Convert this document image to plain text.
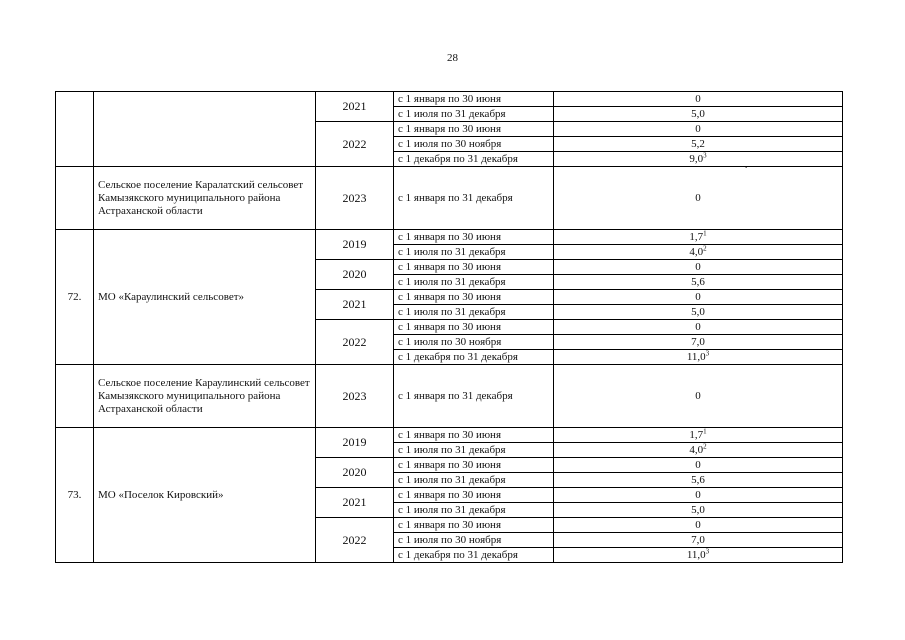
28
		2021	с 1 января по 30 июня	0
			с 1 июля по 31 декабря	5,0
		2022	с 1 января по 30 июня	0
			с 1 июля по 30 ноября	5,2
			с 1 декабря по 31 декабря	$9,0^3$
	Сельское поселение Каралатский сельсовет Камызякского муниципального района Астраханской области	2023	с 1 января по 31 декабря	0
72.	МО «Караулинский сельсовет»	2019	с 1 января по 30 июня	$1,7^1$
			с 1 июля по 31 декабря	$4,0^2$
		2020	с 1 января по 30 июня	0
			с 1 июля по 31 декабря	5,6
		2021	с 1 января по 30 июня	0
			с 1 июля по 31 декабря	5,0
		2022	с 1 января по 30 июня	0
			с 1 июля по 30 ноября	7,0
			с 1 декабря по 31 декабря	11,0$^3$
	Сельское поселение Караулинский сельсовет Камызякского муниципального района Астраханской области	2023	с 1 января по 31 декабря	0
73.	МО «Поселок Кировский»	2019	с 1 января по 30 июня	$1,7^1$
			с 1 июля по 31 декабря	$4,0^2$
		2020	с 1 января по 30 июня	0
			с 1 июля по 31 декабря	5,6
		2021	с 1 января по 30 июня	0
			с 1 июля по 31 декабря	5,0
		2022	с 1 января по 30 июня	0
			с 1 июля по 30 ноября	7,0
			с 1 декабря по 31 декабря	11,0$^3$
.
